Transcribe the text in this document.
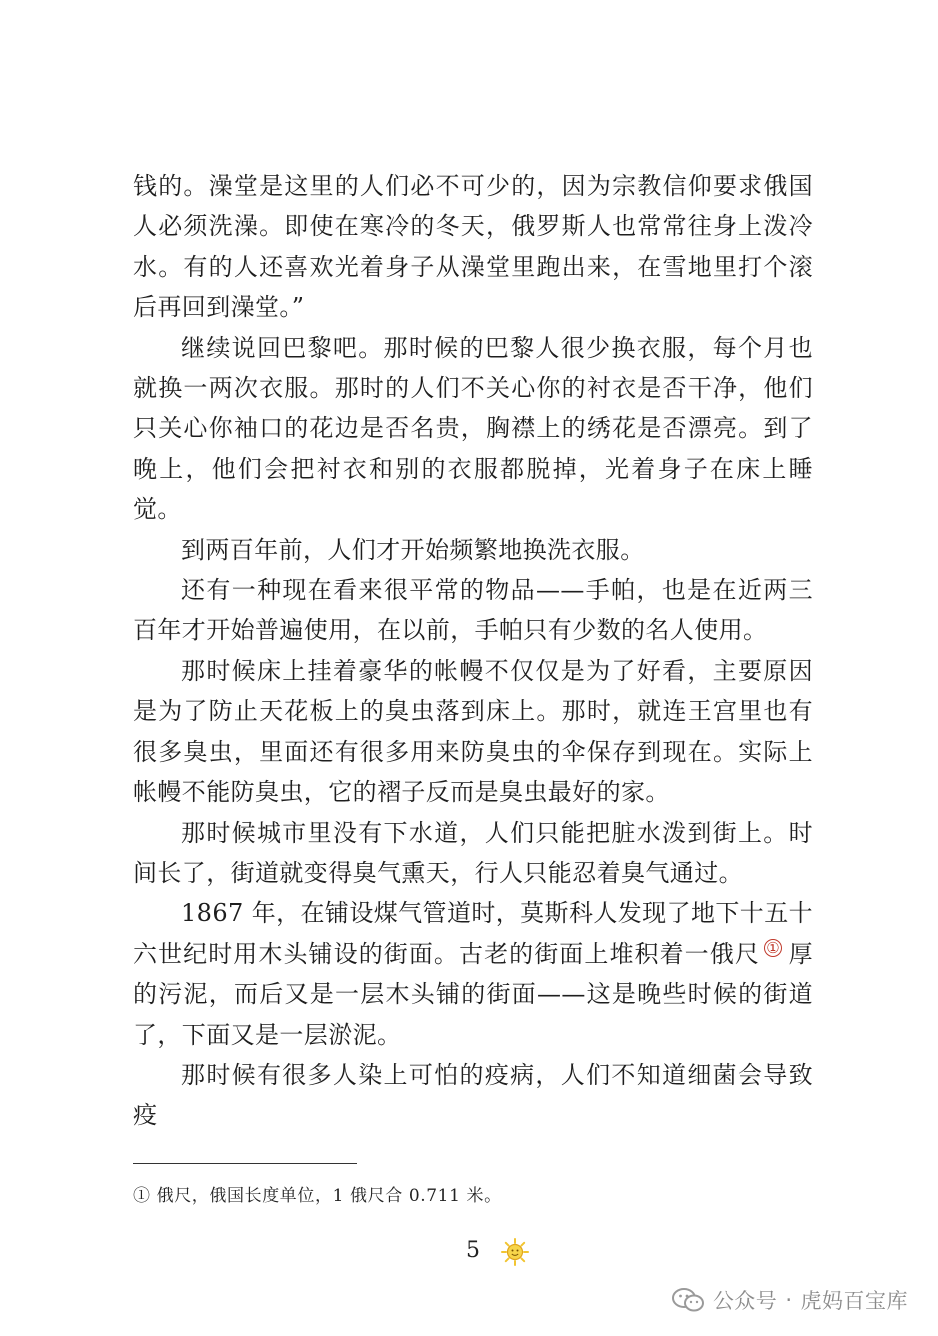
钱的。澡堂是这里的人们必不可少的，因为宗教信仰要求俄国人必须洗澡。即使在寒冷的冬天，俄罗斯人也常常往身上泼冷水。有的人还喜欢光着身子从澡堂里跑出来，在雪地里打个滚后再回到澡堂。”

继续说回巴黎吧。那时候的巴黎人很少换衣服，每个月也就换一两次衣服。那时的人们不关心你的衬衣是否干净，他们只关心你袖口的花边是否名贵，胸襟上的绣花是否漂亮。到了晚上，他们会把衬衣和别的衣服都脱掉，光着身子在床上睡觉。

到两百年前，人们才开始频繁地换洗衣服。

还有一种现在看来很平常的物品——手帕，也是在近两三百年才开始普遍使用，在以前，手帕只有少数的名人使用。

那时候床上挂着豪华的帐幔不仅仅是为了好看，主要原因是为了防止天花板上的臭虫落到床上。那时，就连王宫里也有很多臭虫，里面还有很多用来防臭虫的伞保存到现在。实际上帐幔不能防臭虫，它的褶子反而是臭虫最好的家。

那时候城市里没有下水道，人们只能把脏水泼到街上。时间长了，街道就变得臭气熏天，行人只能忍着臭气通过。

1867 年，在铺设煤气管道时，莫斯科人发现了地下十五十六世纪时用木头铺设的街面。古老的街面上堆积着一俄尺 ① 厚的污泥，而后又是一层木头铺的街面——这是晚些时候的街道了，下面又是一层淤泥。

那时候有很多人染上可怕的疫病，人们不知道细菌会导致疫

① 俄尺，俄国长度单位，1 俄尺合 0.711 米。
5
公众号 · 虎妈百宝库
